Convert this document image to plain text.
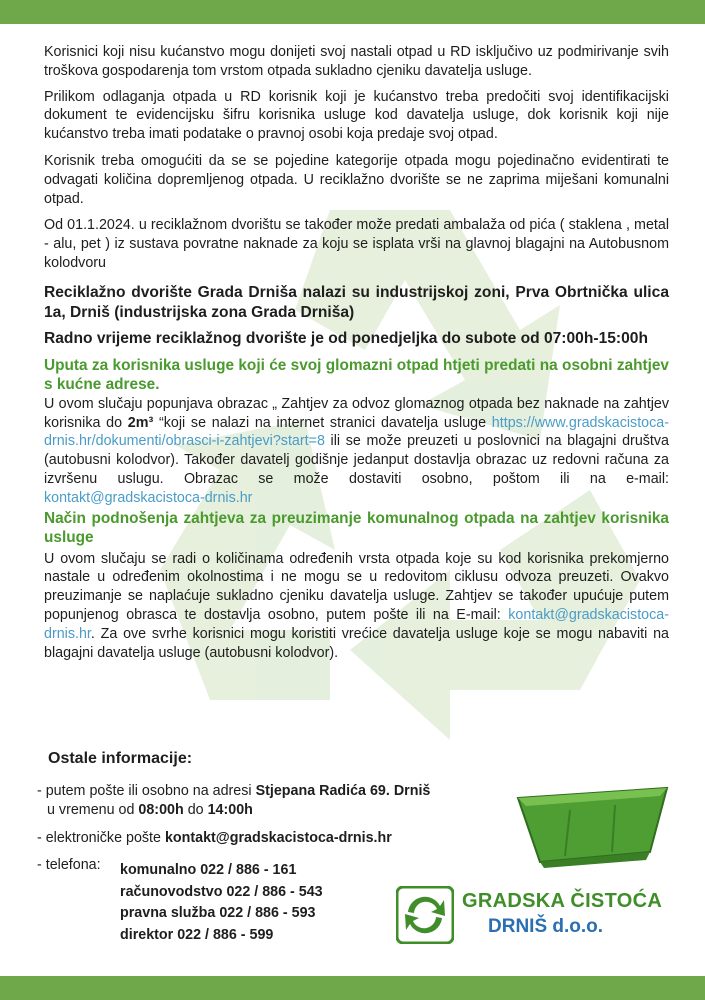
Korisnici koji nisu kućanstvo mogu donijeti svoj nastali otpad u RD isključivo uz podmirivanje svih troškova gospodarenja tom vrstom otpada sukladno cjeniku davatelja usluge.

Prilikom odlaganja otpada u RD korisnik koji je kućanstvo treba predočiti svoj identifikacijski dokument te evidencijsku šifru korisnika usluge kod davatelja usluge, dok korisnik koji nije kućanstvo treba imati podatake o pravnoj osobi koja predaje svoj otpad.

Korisnik treba omogućiti da se se pojedine kategorije otpada mogu pojedinačno evidentirati te odvagati količina dopremljenog otpada. U reciklažno dvorište se ne zaprima miješani komunalni otpad.

Od 01.1.2024. u reciklažnom dvorištu se također može predati ambalaža od pića ( staklena , metal - alu, pet ) iz sustava povratne naknade za koju se isplata vrši na glavnoj blagajni na Autobusnom kolodvoru

Reciklažno dvorište Grada Drniša nalazi su industrijskoj zoni, Prva Obrtnička ulica 1a, Drniš (industrijska zona Grada Drniša)

Radno vrijeme reciklažnog dvorište je od ponedjeljka do subote od 07:00h-15:00h

Uputa za korisnika usluge koji će svoj glomazni otpad htjeti predati na osobni zahtjev s kućne adrese.

U ovom slučaju popunjava obrazac „ Zahtjev za odvoz glomaznog otpada bez naknade na zahtjev korisnika do 2m³ “koji se nalazi na internet stranici davatelja usluge https://www.gradskacistoca-drnis.hr/dokumenti/obrasci-i-zahtjevi?start=8 ili se može preuzeti u poslovnici na blagajni društva (autobusni kolodvor). Također davatelj godišnje jedanput dostavlja obrazac uz redovni računa za izvršenu uslugu. Obrazac se može dostaviti osobno, poštom ili na e-mail: kontakt@gradskacistoca-drnis.hr

Način podnošenja zahtjeva za preuzimanje komunalnog otpada na zahtjev korisnika usluge

U ovom slučaju se radi o količinama određenih vrsta otpada koje su kod korisnika prekomjerno nastale u određenim okolnostima i ne mogu se u redovitom ciklusu odvoza preuzeti. Ovakvo preuzimanje se naplaćuje sukladno cjeniku davatelja usluge. Zahtjev se također upućuje putem popunjenog obrasca te dostavlja osobno, putem pošte ili na E-mail: kontakt@gradskacistoca-drnis.hr. Za ove svrhe korisnici mogu koristiti vrećice davatelja usluge koje se mogu nabaviti na blagajni davatelja usluge (autobusni kolodvor).

Ostale informacije:
- putem pošte ili osobno na adresi Stjepana Radića 69. Drniš
u vremenu od 08:00h do 14:00h
- elektroničke pošte kontakt@gradskacistoca-drnis.hr
- telefona: komunalno 022 / 886 - 161
računovodstvo 022 / 886 - 543
pravna služba 022 / 886 - 593
direktor 022 / 886 - 599
GRADSKA ČISTOĆA
DRNIŠ d.o.o.
